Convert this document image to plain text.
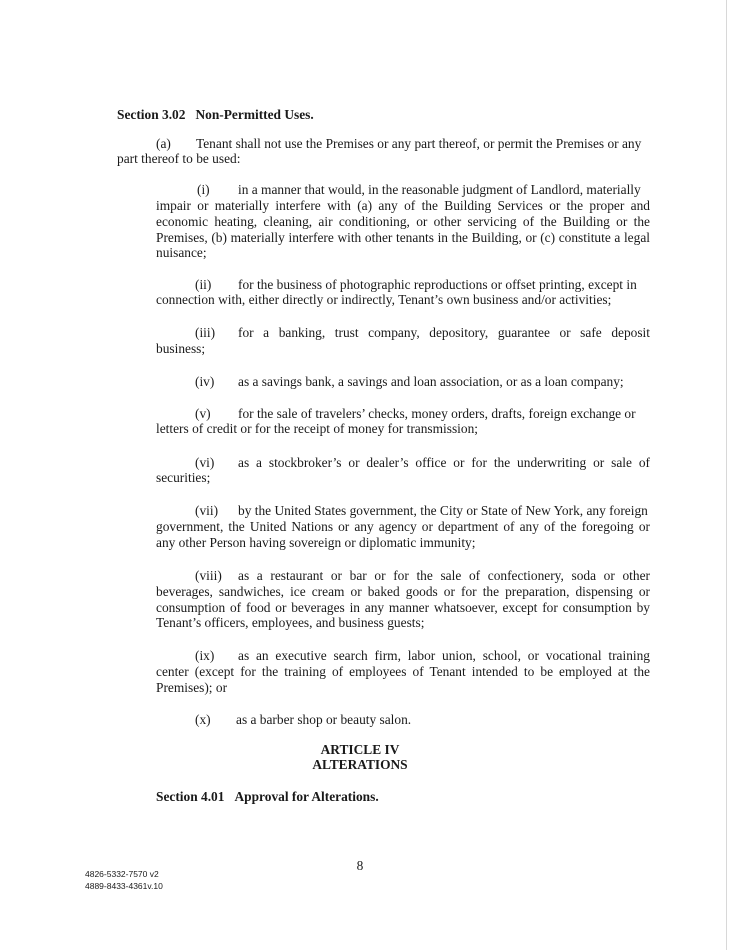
Section 3.02 Non-Permitted Uses.

(a) Tenant shall not use the Premises or any part thereof, or permit the Premises or any

part thereof to be used:

(i) in a manner that would, in the reasonable judgment of Landlord, materially

impair or materially interfere with (a) any of the Building Services or the proper and

economic heating, cleaning, air conditioning, or other servicing of the Building or the

Premises, (b) materially interfere with other tenants in the Building, or (c) constitute a legal

nuisance;

(ii) for the business of photographic reproductions or offset printing, except in

connection with, either directly or indirectly, Tenant’s own business and/or activities;

(iii) for a banking, trust company, depository, guarantee or safe deposit

business;

(iv) as a savings bank, a savings and loan association, or as a loan company;

(v) for the sale of travelers’ checks, money orders, drafts, foreign exchange or

letters of credit or for the receipt of money for transmission;

(vi) as a stockbroker’s or dealer’s office or for the underwriting or sale of

securities;

(vii) by the United States government, the City or State of New York, any foreign

government, the United Nations or any agency or department of any of the foregoing or

any other Person having sovereign or diplomatic immunity;

(viii) as a restaurant or bar or for the sale of confectionery, soda or other

beverages, sandwiches, ice cream or baked goods or for the preparation, dispensing or

consumption of food or beverages in any manner whatsoever, except for consumption by

Tenant’s officers, employees, and business guests;

(ix) as an executive search firm, labor union, school, or vocational training

center (except for the training of employees of Tenant intended to be employed at the

Premises); or

(x) as a barber shop or beauty salon.

ARTICLE IV

ALTERATIONS

Section 4.01 Approval for Alterations.

8

4826-5332-7570 v2

4889-8433-4361v.10
